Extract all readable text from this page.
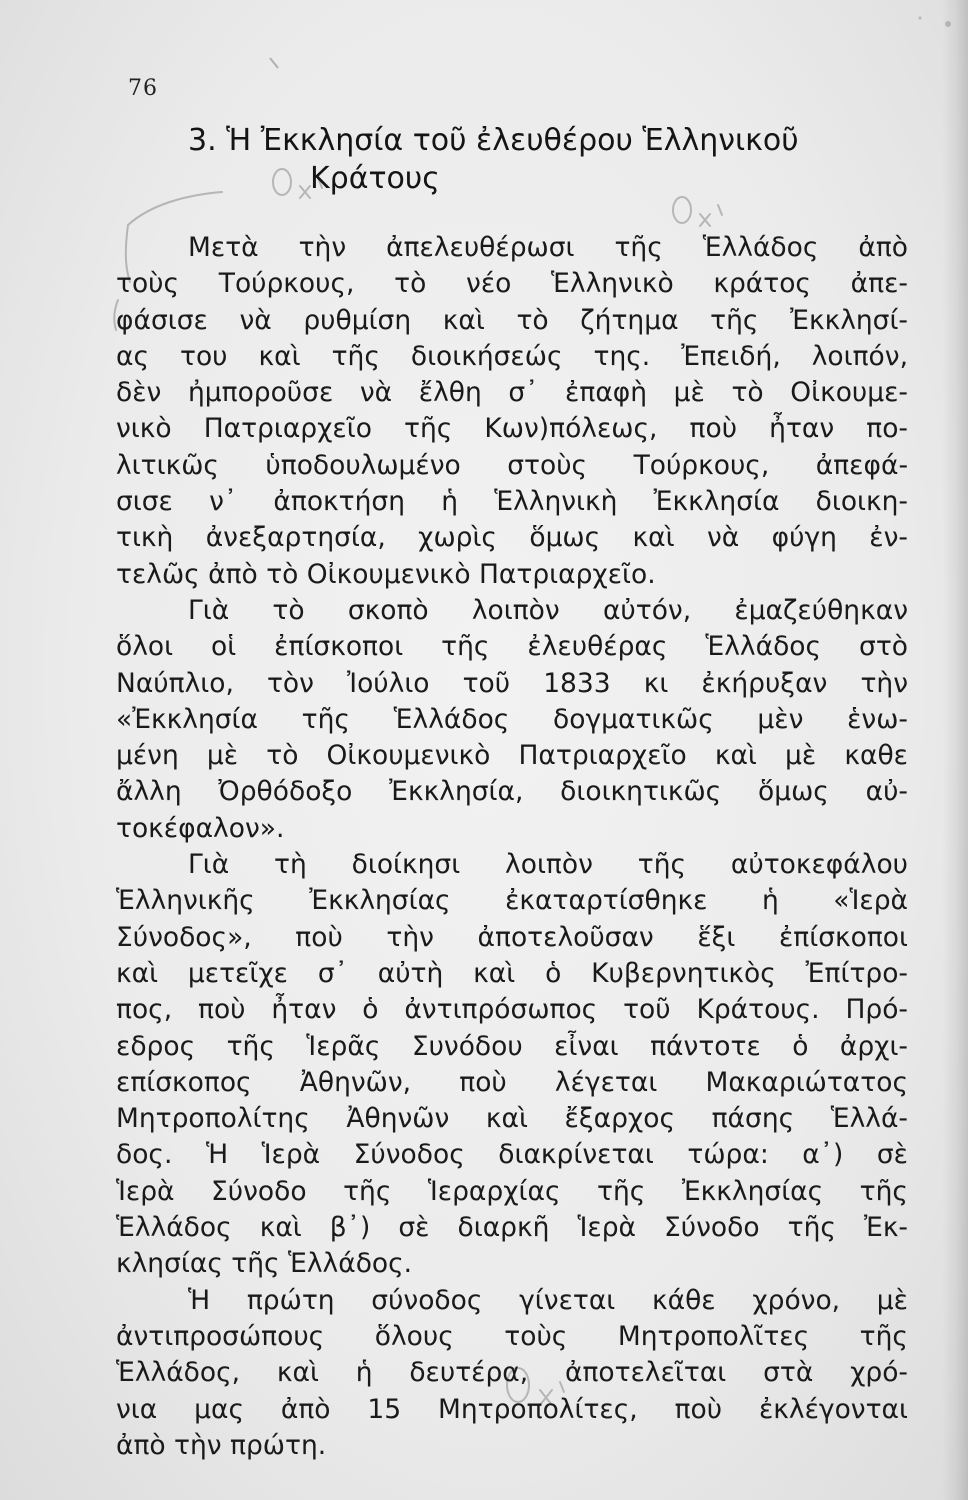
76
3. Ἡ Ἐκκλησία τοῦ ἐλευθέρου Ἑλληνικοῦ
Κράτους
Μετὰ τὴν ἀπελευθέρωσι τῆς Ἑλλάδος ἀπὸ
τοὺς Τούρκους, τὸ νέο Ἑλληνικὸ κράτος ἀπε-
φάσισε νὰ ρυθμίση καὶ τὸ ζήτημα τῆς Ἐκκλησί-
ας του καὶ τῆς διοικήσεώς της. Ἐπειδή, λοιπόν,
δὲν ἠμποροῦσε νὰ ἔλθη σ᾽ ἐπαφὴ μὲ τὸ Οἰκουμε-
νικὸ Πατριαρχεῖο τῆς Κων)πόλεως, ποὺ ἦταν πο-
λιτικῶς ὑποδουλωμένο στοὺς Τούρκους, ἀπεφά-
σισε ν᾽ ἀποκτήση ἡ Ἑλληνικὴ Ἐκκλησία διοικη-
τικὴ ἀνεξαρτησία, χωρὶς ὅμως καὶ νὰ φύγη ἐν-
τελῶς ἀπὸ τὸ Οἰκουμενικὸ Πατριαρχεῖο.
Γιὰ τὸ σκοπὸ λοιπὸν αὐτόν, ἐμαζεύθηκαν
ὅλοι οἱ ἐπίσκοποι τῆς ἐλευθέρας Ἑλλάδος στὸ
Ναύπλιο, τὸν Ἰούλιο τοῦ 1833 κι ἐκήρυξαν τὴν
«Ἐκκλησία τῆς Ἑλλάδος δογματικῶς μὲν ἑνω-
μένη μὲ τὸ Οἰκουμενικὸ Πατριαρχεῖο καὶ μὲ καθε
ἄλλη Ὀρθόδοξο Ἐκκλησία, διοικητικῶς ὅμως αὐ-
τοκέφαλον».
Γιὰ τὴ διοίκησι λοιπὸν τῆς αὐτοκεφάλου
Ἑλληνικῆς Ἐκκλησίας ἐκαταρτίσθηκε ἡ «Ἱερὰ
Σύνοδος», ποὺ τὴν ἀποτελοῦσαν ἕξι ἐπίσκοποι
καὶ μετεῖχε σ᾽ αὐτὴ καὶ ὁ Κυβερνητικὸς Ἐπίτρο-
πος, ποὺ ἦταν ὁ ἀντιπρόσωπος τοῦ Κράτους. Πρό-
εδρος τῆς Ἱερᾶς Συνόδου εἶναι πάντοτε ὁ ἀρχι-
επίσκοπος Ἀθηνῶν, ποὺ λέγεται Μακαριώτατος
Μητροπολίτης Ἀθηνῶν καὶ ἔξαρχος πάσης Ἑλλά-
δος. Ἡ Ἱερὰ Σύνοδος διακρίνεται τώρα: α᾽) σὲ
Ἱερὰ Σύνοδο τῆς Ἱεραρχίας τῆς Ἐκκλησίας τῆς
Ἑλλάδος καὶ β᾽) σὲ διαρκῆ Ἱερὰ Σύνοδο τῆς Ἐκ-
κλησίας τῆς Ἑλλάδος.
Ἡ πρώτη σύνοδος γίνεται κάθε χρόνο, μὲ
ἀντιπροσώπους ὅλους τοὺς Μητροπολῖτες τῆς
Ἑλλάδος, καὶ ἡ δευτέρα, ἀποτελεῖται στὰ χρό-
νια μας ἀπὸ 15 Μητροπολίτες, ποὺ ἐκλέγονται
ἀπὸ τὴν πρώτη.
